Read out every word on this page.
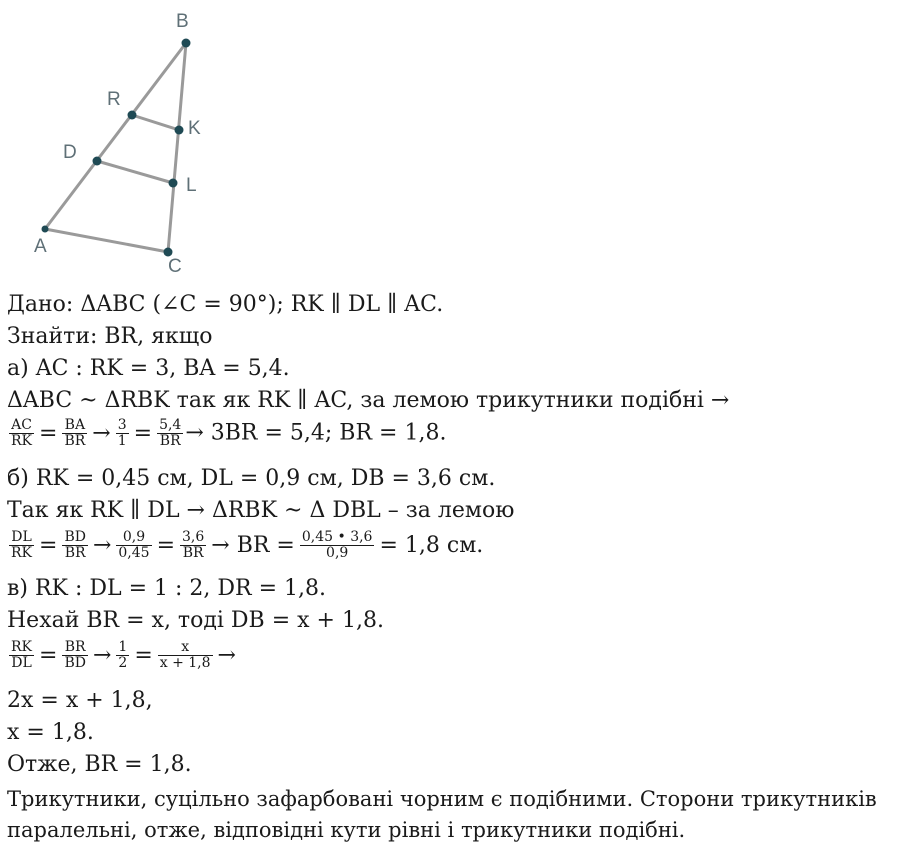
B
R
K
D
L
A
C
Дано: ΔABC (∠C = 90°); RK ∥ DL ∥ AC.
Знайти: BR, якщо
а) AC : RK = 3, BA = 5,4.
ΔABC ~ ΔRBK так як RK ∥ AC, за лемою трикутники подібні →
$\frac{AC}{RK} = \frac{BA}{BR} \to \frac{3}{1} = \frac{5,4}{BR} \to 3BR = 5,4$; BR = 1,8.
б) RK = 0,45 см, DL = 0,9 см, DB = 3,6 см.
Так як RK ∥ DL → ΔRBK ~ Δ DBL – за лемою
$\frac{DL}{RK} = \frac{BD}{BR} \to \frac{0,9}{0,45} = \frac{3,6}{BR}$ → BR = $\frac{0,45 • 3,6}{0,9} = 1,8$ см.
в) RK : DL = 1 : 2, DR = 1,8.
Нехай BR = x, тоді DB = x + 1,8.
$\frac{RK}{DL} = \frac{BR}{BD} \to \frac{1}{2} = \frac{x}{x + 1,8}$ →
2x = x + 1,8,
x = 1,8.
Отже, BR = 1,8.
Трикутники, суцільно зафарбовані чорним є подібними. Сторони трикутників
паралельні, отже, відповідні кути рівні і трикутники подібні.
